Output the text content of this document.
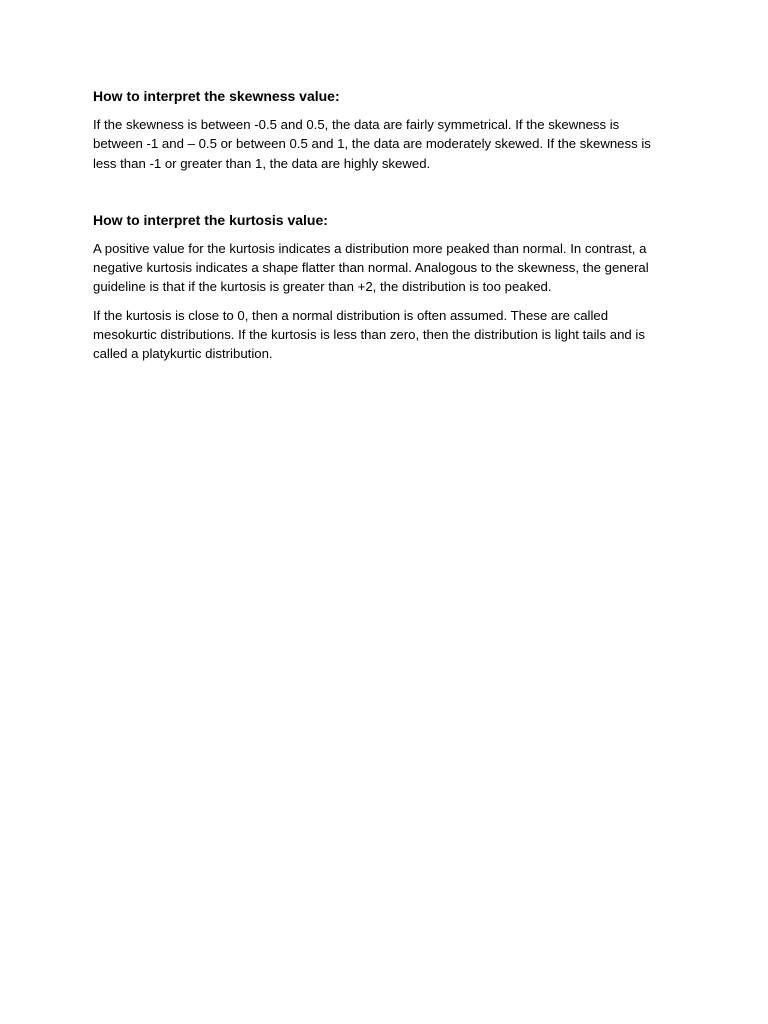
How to interpret the skewness value:

If the skewness is between -0.5 and 0.5, the data are fairly symmetrical. If the skewness is between -1 and – 0.5 or between 0.5 and 1, the data are moderately skewed. If the skewness is less than -1 or greater than 1, the data are highly skewed.

How to interpret the kurtosis value:

A positive value for the kurtosis indicates a distribution more peaked than normal. In contrast, a negative kurtosis indicates a shape flatter than normal. Analogous to the skewness, the general guideline is that if the kurtosis is greater than +2, the distribution is too peaked.

If the kurtosis is close to 0, then a normal distribution is often assumed. These are called mesokurtic distributions. If the kurtosis is less than zero, then the distribution is light tails and is called a platykurtic distribution.
